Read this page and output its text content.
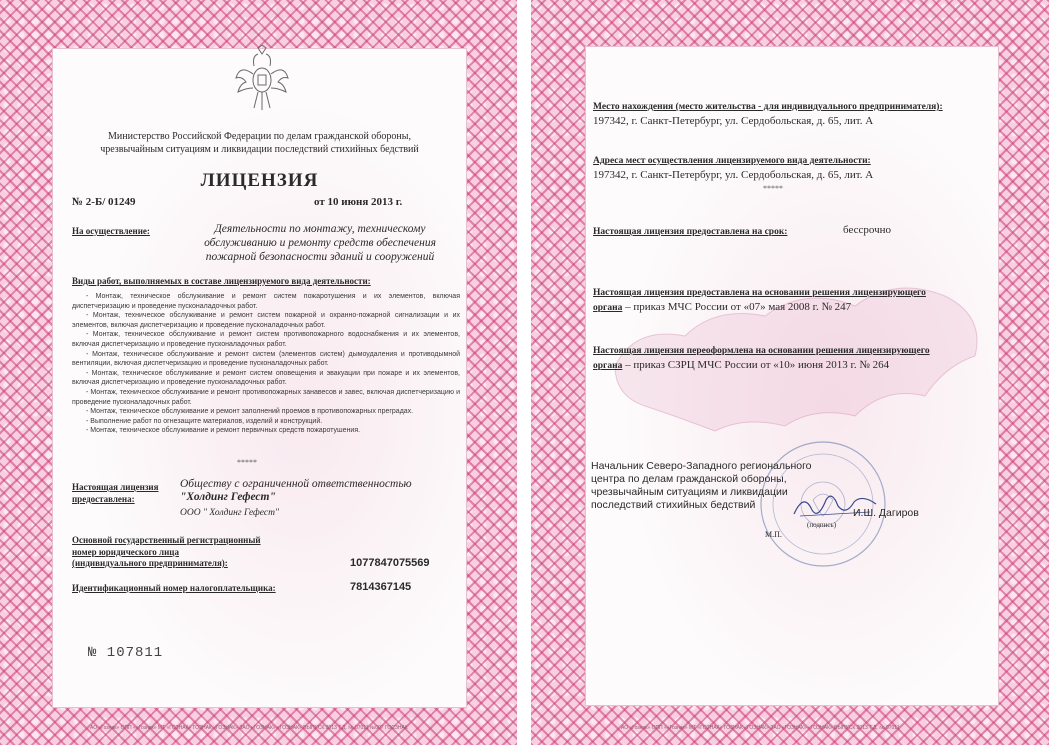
Министерство Российской Федерации по делам гражданской обороны,
чрезвычайным ситуациям и ликвидации последствий стихийных бедствий
ЛИЦЕНЗИЯ
№ 2-Б/ 01249	от 10 июня 2013 г.
На осуществление:	Деятельности по монтажу, техническому обслуживанию и ремонту средств обеспечения пожарной безопасности зданий и сооружений
Виды работ, выполняемых в составе лицензируемого вида деятельности:

- Монтаж, техническое обслуживание и ремонт систем пожаротушения и их элементов, включая диспетчеризацию и проведение пусконаладочных работ.

- Монтаж, техническое обслуживание и ремонт систем пожарной и охранно-пожарной сигнализации и их элементов, включая диспетчеризацию и проведение пусконаладочных работ.

- Монтаж, техническое обслуживание и ремонт систем противопожарного водоснабжения и их элементов, включая диспетчеризацию и проведение пусконаладочных работ.

- Монтаж, техническое обслуживание и ремонт систем (элементов систем) дымоудаления и противодымной вентиляции, включая диспетчеризацию и проведение пусконаладочных работ.

- Монтаж, техническое обслуживание и ремонт систем оповещения и эвакуации при пожаре и их элементов, включая диспетчеризацию и проведение пусконаладочных работ.

- Монтаж, техническое обслуживание и ремонт противопожарных занавесов и завес, включая диспетчеризацию и проведение пусконаладочных работ.

- Монтаж, техническое обслуживание и ремонт заполнений проемов в противопожарных преградах.

- Выполнение работ по огнезащите материалов, изделий и конструкций.

- Монтаж, техническое обслуживание и ремонт первичных средств пожаротушения.

*****
Настоящая лицензия
предоставлена:
Обществу с ограниченной ответственностью
"Холдинг Гефест"
ООО " Холдинг Гефест"
Основной государственный регистрационный
номер юридического лица
(индивидуального предпринимателя):	1077847075569
Идентификационный номер налогоплательщика:	7814367145
№ 107811
АО «Гознак» ОПП ««Гознак» МТ «ГОЗНАК» ГОЗНАК «ГОЗНАК» ЗАО «ГОЗНАК» «ГОЗНАК» ВЫПУСК 2013 Т.Д. № 07011 №007 ГОСЗНАК
Место нахождения (место жительства - для индивидуального предпринимателя):
197342, г. Санкт-Петербург, ул. Сердобольская, д. 65, лит. А
Адреса мест осуществления лицензируемого вида деятельности:
197342, г. Санкт-Петербург, ул. Сердобольская, д. 65, лит. А
*****
Настоящая лицензия предоставлена на срок:	бессрочно
Настоящая лицензия предоставлена на основании решения лицензирующего
органа – приказ МЧС России от «07» мая 2008 г. № 247
Настоящая лицензия переоформлена на основании решения лицензирующего
органа – приказ СЗРЦ МЧС России от «10» июня 2013 г. № 264
Начальник Северо-Западного регионального
центра по делам гражданской обороны,
чрезвычайным ситуациям и ликвидации
последствий стихийных бедствий
И.Ш. Дагиров
(подпись)
М.П.
АО «Гознак» ОПП ««Гознак» МТ «ГОЗНАК» ГОЗНАК «ГОЗНАК» ЗАО «ГОЗНАК» «ГОЗНАК» ВЫПУСК 2013 Т.Д. № 07011
